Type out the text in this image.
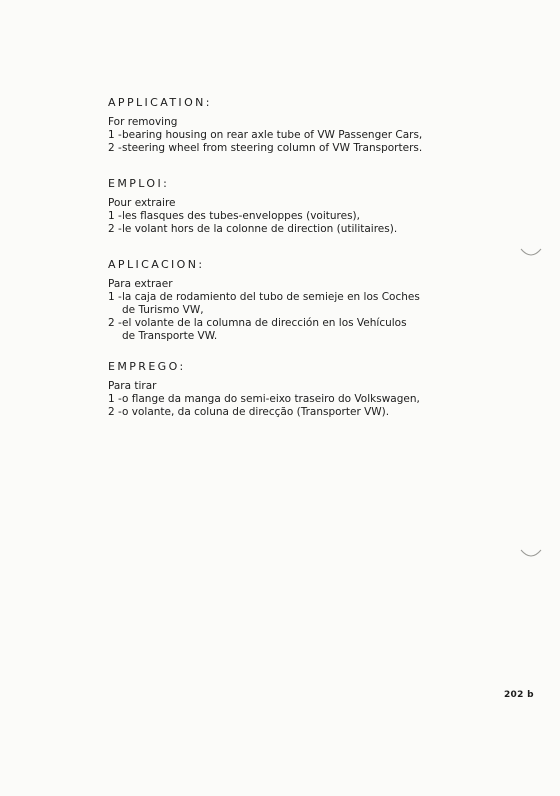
APPLICATION:

For removing

1 - bearing housing on rear axle tube of VW Passenger Cars,
2 - steering wheel from steering column of VW Transporters.
EMPLOI:

Pour extraire

1 - les flasques des tubes-enveloppes (voitures),
2 - le volant hors de la colonne de direction (utilitaires).
APLICACION:

Para extraer

1 - la caja de rodamiento del tubo de semieje en los Coches
de Turismo VW,
2 - el volante de la columna de dirección en los Vehículos
de Transporte VW.
EMPREGO:

Para tirar

1 - o flange da manga do semi-eixo traseiro do Volkswagen,
2 - o volante, da coluna de direcção (Transporter VW).
202 b
